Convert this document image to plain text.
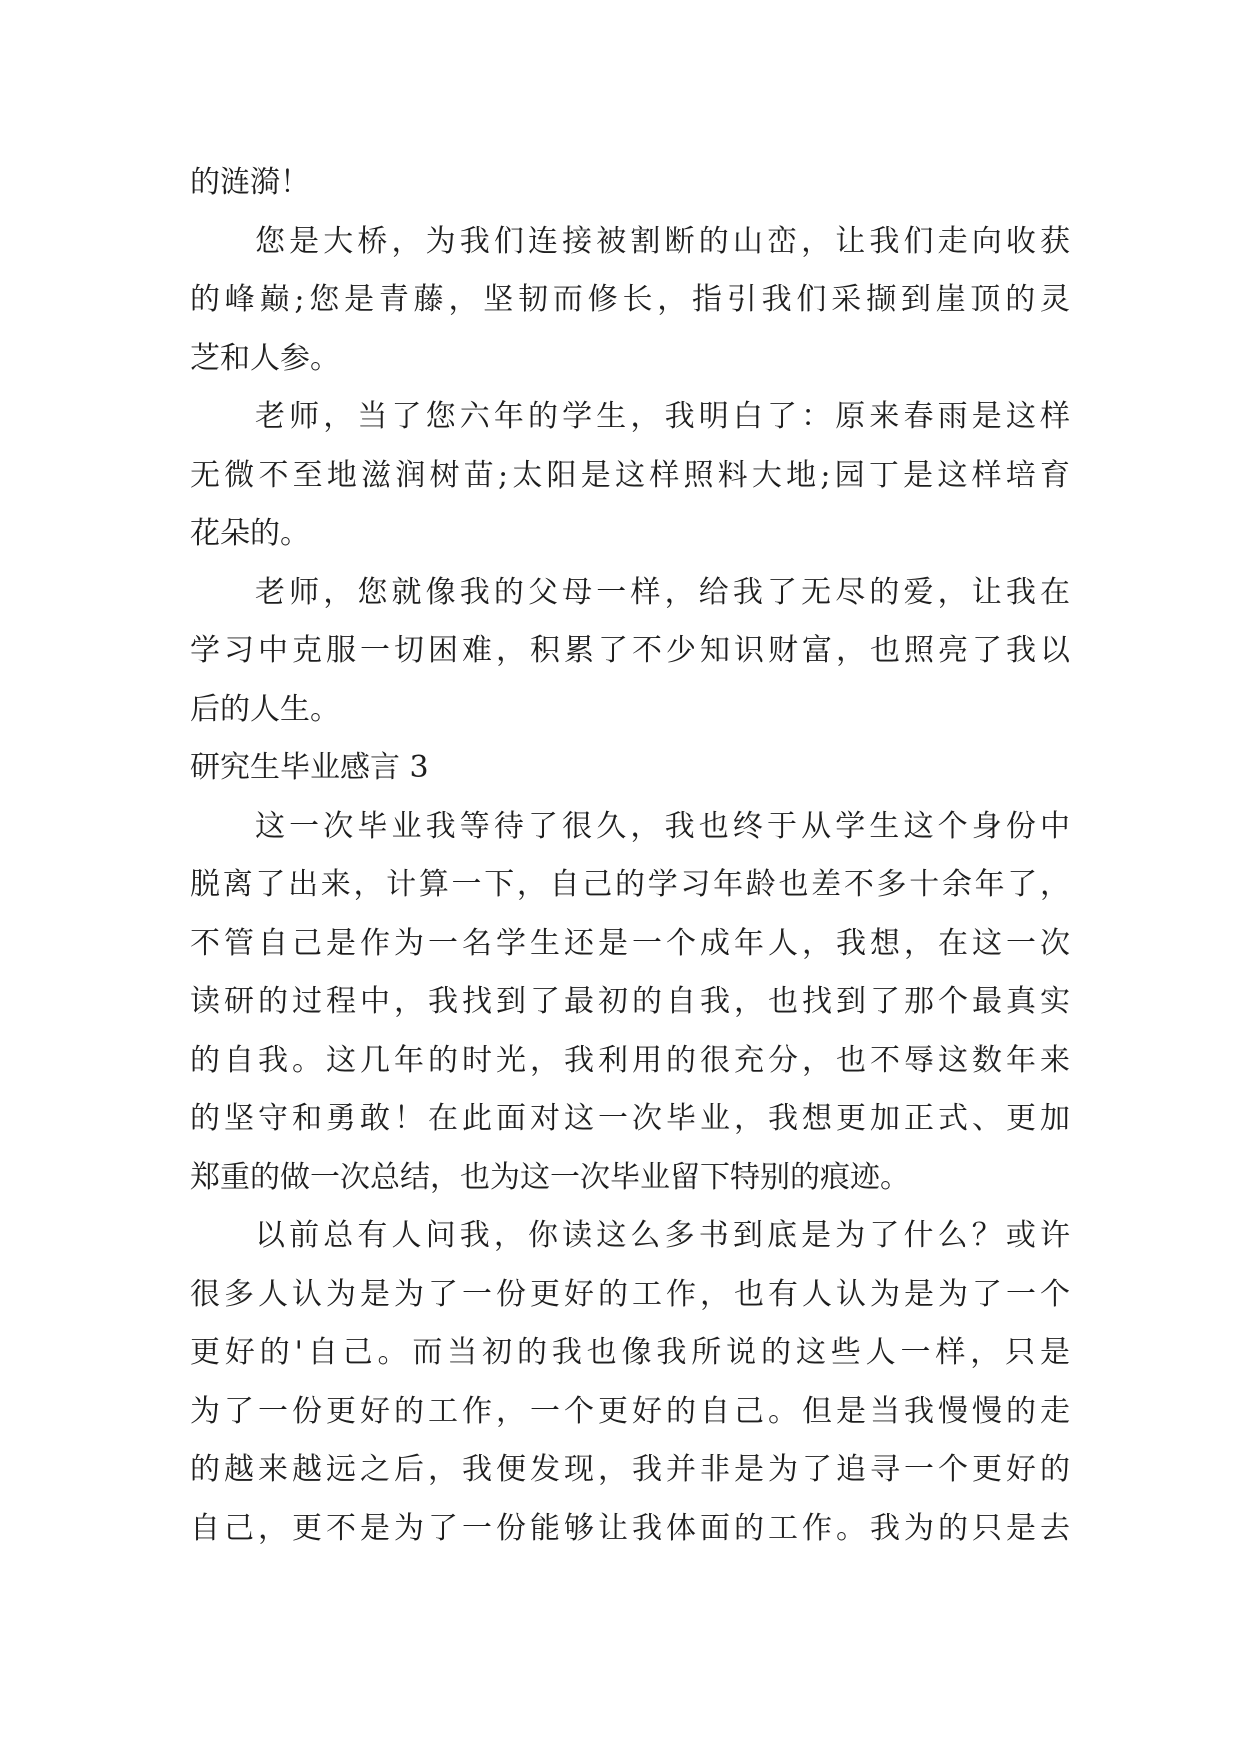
的涟漪！
您是大桥，为我们连接被割断的山峦，让我们走向收获
的峰巅;您是青藤，坚韧而修长，指引我们采撷到崖顶的灵
芝和人参。
老师，当了您六年的学生，我明白了：原来春雨是这样
无微不至地滋润树苗;太阳是这样照料大地;园丁是这样培育
花朵的。
老师，您就像我的父母一样，给我了无尽的爱，让我在
学习中克服一切困难，积累了不少知识财富，也照亮了我以
后的人生。
研究生毕业感言 3
这一次毕业我等待了很久，我也终于从学生这个身份中
脱离了出来，计算一下，自己的学习年龄也差不多十余年了，
不管自己是作为一名学生还是一个成年人，我想，在这一次
读研的过程中，我找到了最初的自我，也找到了那个最真实
的自我。这几年的时光，我利用的很充分，也不辱这数年来
的坚守和勇敢！在此面对这一次毕业，我想更加正式、更加
郑重的做一次总结，也为这一次毕业留下特别的痕迹。
以前总有人问我，你读这么多书到底是为了什么？或许
很多人认为是为了一份更好的工作，也有人认为是为了一个
更好的'自己。而当初的我也像我所说的这些人一样，只是
为了一份更好的工作，一个更好的自己。但是当我慢慢的走
的越来越远之后，我便发现，我并非是为了追寻一个更好的
自己，更不是为了一份能够让我体面的工作。我为的只是去
